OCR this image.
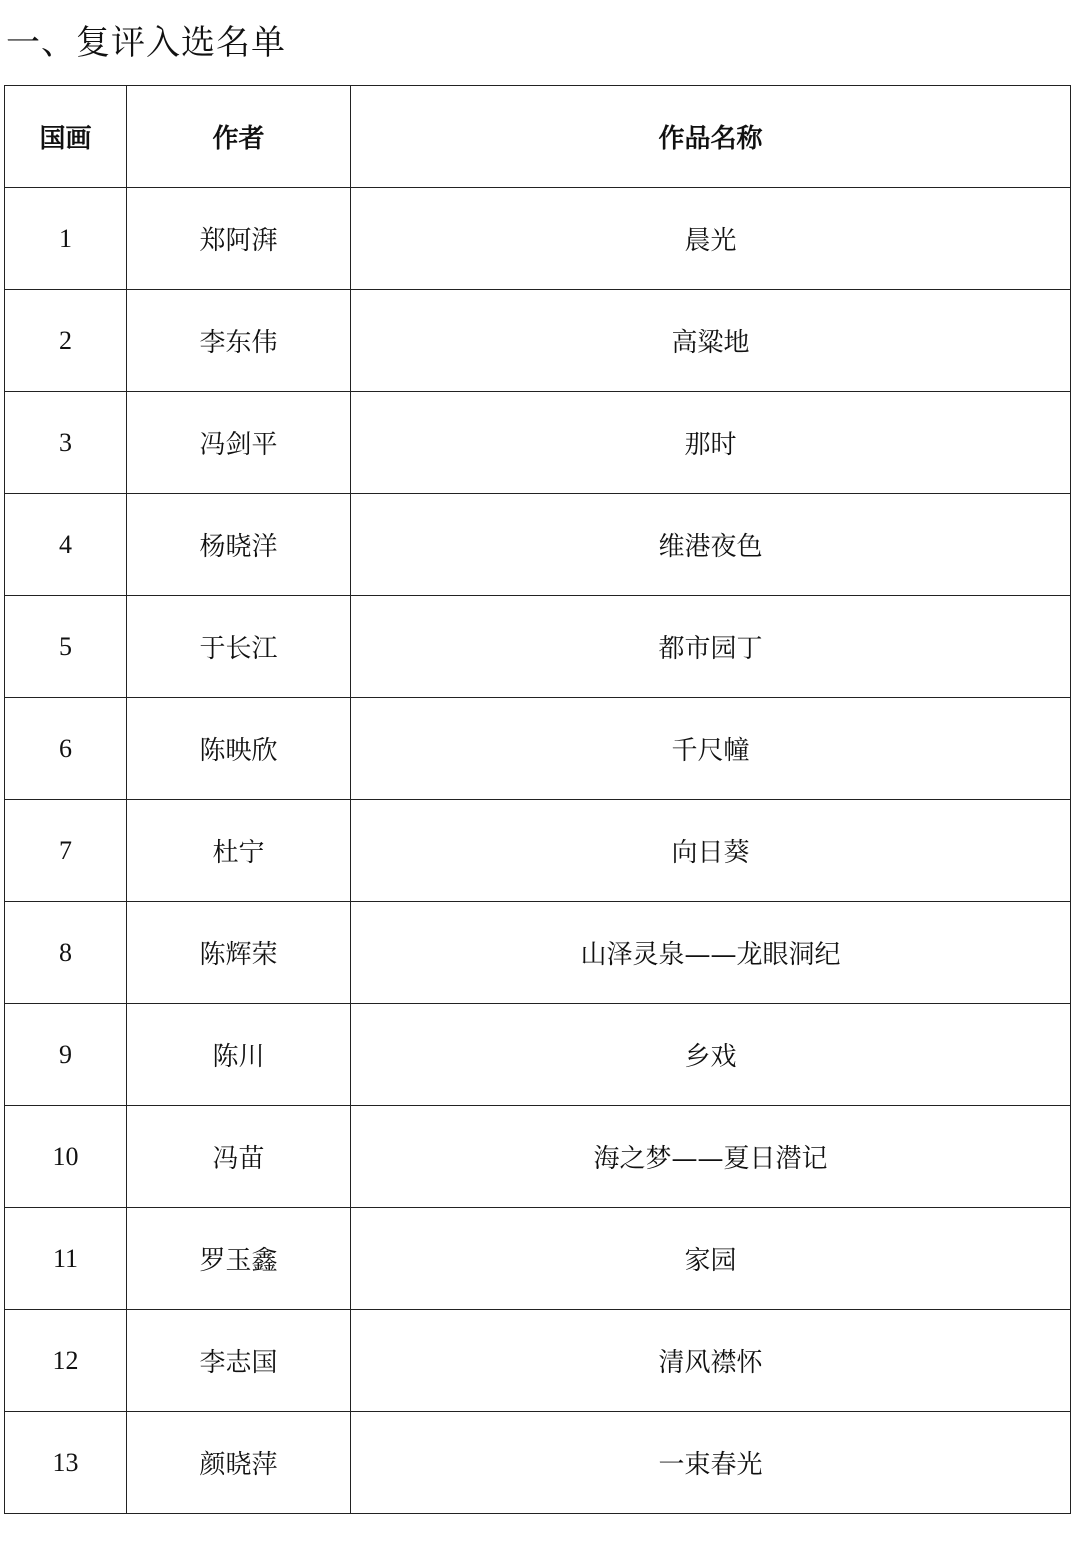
一、复评入选名单
国画	作者	作品名称
1	郑阿湃	晨光
2	李东伟	高粱地
3	冯剑平	那时
4	杨晓洋	维港夜色
5	于长江	都市园丁
6	陈映欣	千尺幢
7	杜宁	向日葵
8	陈辉荣	山泽灵泉——龙眼洞纪
9	陈川	乡戏
10	冯苗	海之梦——夏日潜记
11	罗玉鑫	家园
12	李志国	清风襟怀
13	颜晓萍	一束春光
